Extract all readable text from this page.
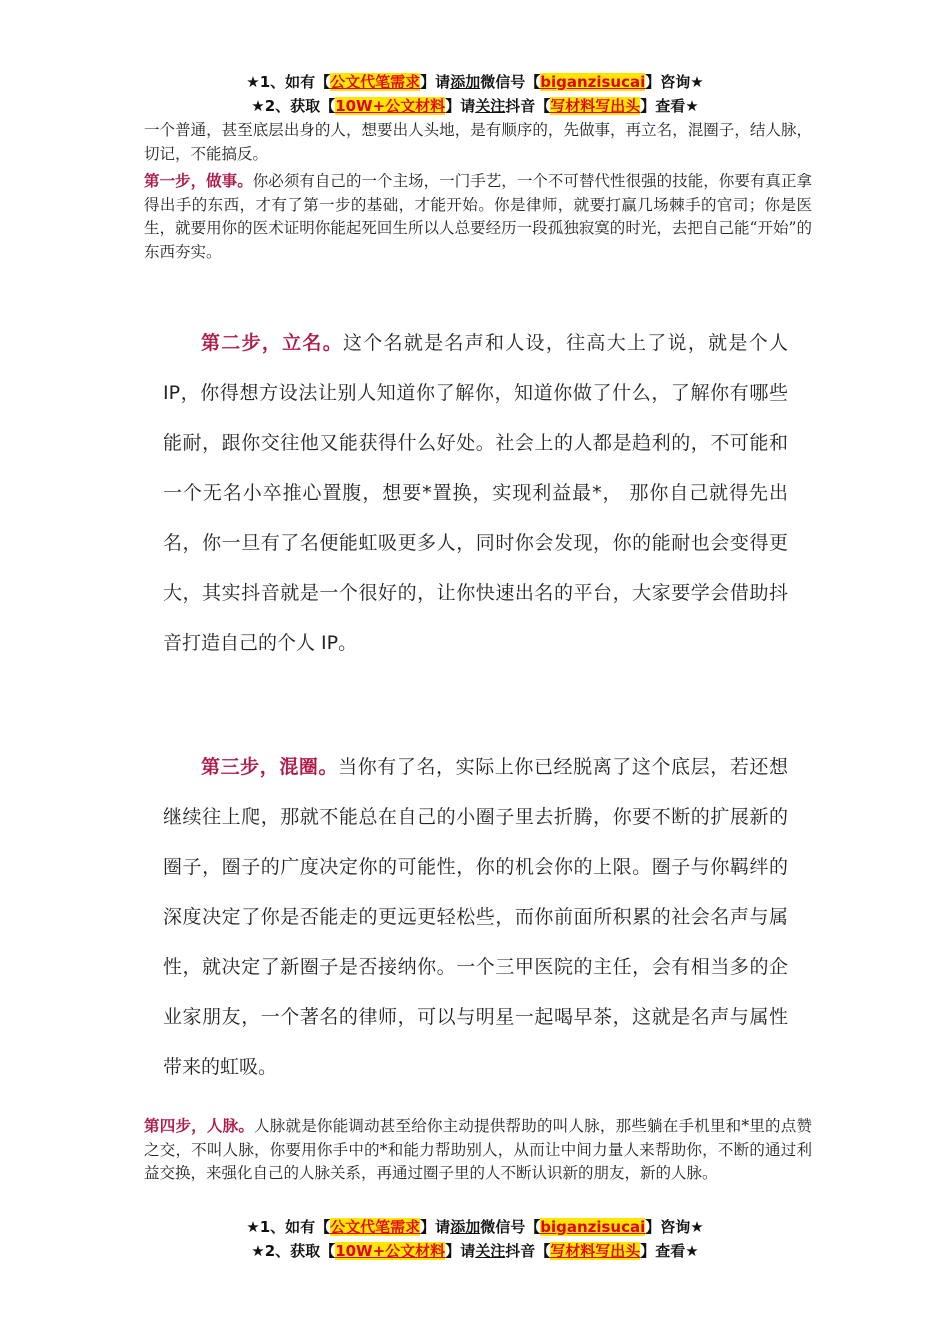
★1、如有【公文代笔需求】请添加微信号【biganzisucai】咨询★
★2、获取【10W+公文材料】请关注抖音【写材料写出头】查看★
一个普通，甚至底层出身的人，想要出人头地，是有顺序的，先做事，再立名，混圈子，结人脉，切记，不能搞反。
第一步，做事。你必须有自己的一个主场，一门手艺，一个不可替代性很强的技能，你要有真正拿得出手的东西，才有了第一步的基础，才能开始。你是律师，就要打赢几场棘手的官司；你是医生，就要用你的医术证明你能起死回生所以人总要经历一段孤独寂寞的时光，去把自己能“开始”的东西夯实。
第二步，立名。这个名就是名声和人设，往高大上了说，就是个人 IP，你得想方设法让别人知道你了解你，知道你做了什么，了解你有哪些能耐，跟你交往他又能获得什么好处。社会上的人都是趋利的，不可能和一个无名小卒推心置腹，想要*置换，实现利益最*， 那你自己就得先出名，你一旦有了名便能虹吸更多人，同时你会发现，你的能耐也会变得更大，其实抖音就是一个很好的，让你快速出名的平台，大家要学会借助抖音打造自己的个人 IP。
第三步，混圈。当你有了名，实际上你已经脱离了这个底层，若还想继续往上爬，那就不能总在自己的小圈子里去折腾，你要不断的扩展新的圈子，圈子的广度决定你的可能性，你的机会你的上限。圈子与你羁绊的深度决定了你是否能走的更远更轻松些，而你前面所积累的社会名声与属性，就决定了新圈子是否接纳你。一个三甲医院的主任，会有相当多的企业家朋友，一个著名的律师，可以与明星一起喝早茶，这就是名声与属性带来的虹吸。
第四步，人脉。人脉就是你能调动甚至给你主动提供帮助的叫人脉，那些躺在手机里和*里的点赞之交，不叫人脉，你要用你手中的*和能力帮助别人，从而让中间力量人来帮助你，不断的通过利益交换，来强化自己的人脉关系，再通过圈子里的人不断认识新的朋友，新的人脉。
★1、如有【公文代笔需求】请添加微信号【biganzisucai】咨询★
★2、获取【10W+公文材料】请关注抖音【写材料写出头】查看★
